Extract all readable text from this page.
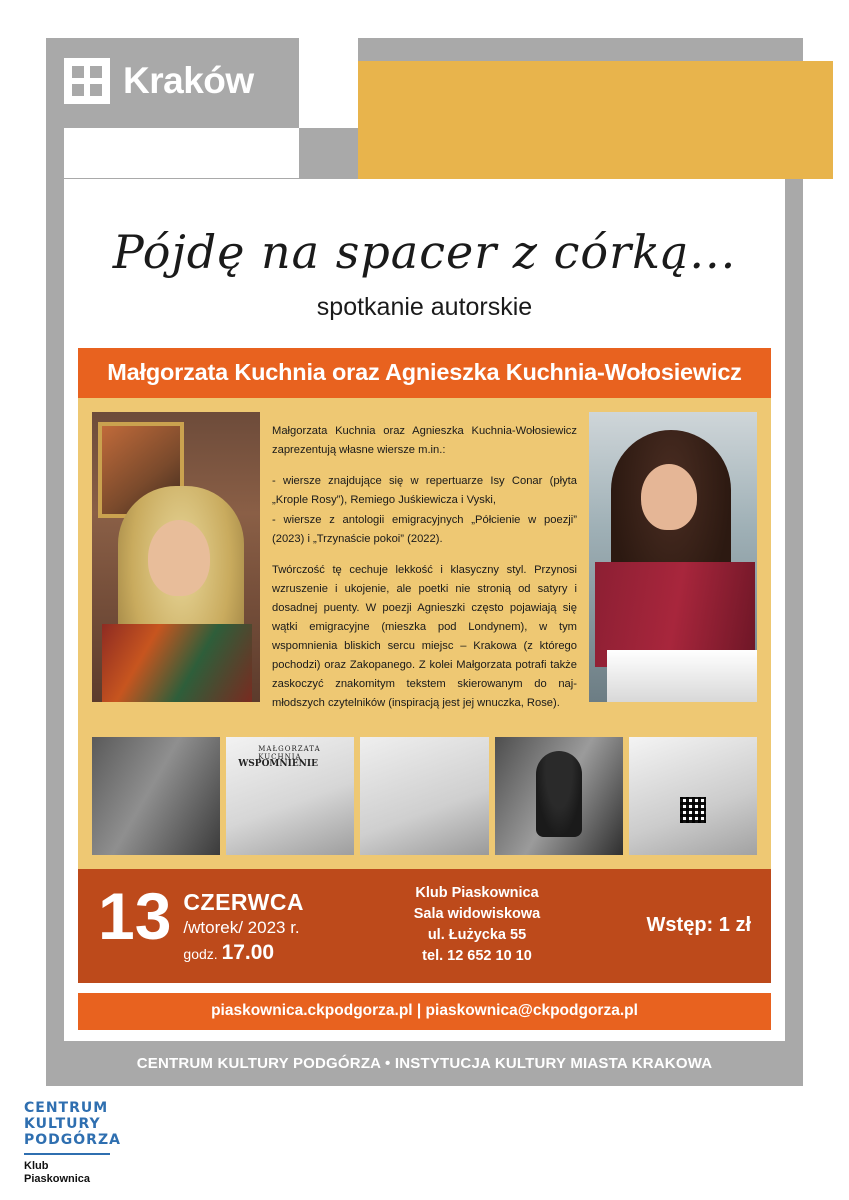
Kraków
Pójdę na spacer z córką...
spotkanie autorskie
Małgorzata Kuchnia oraz Agnieszka Kuchnia-Wołosiewicz

Małgorzata Kuchnia oraz Agnieszka Kuchnia-Wołosiewicz zaprezentują własne wiersze m.in.:

- wiersze znajdujące się w repertuarze Isy Conar (płyta „Krople Rosy”), Remiego Juśkiewicza i Vyski,
- wiersze z antologii emigracyjnych „Półcienie w poezji” (2023) i „Trzynaście pokoi” (2022).

Twórczość tę cechuje lekkość i klasyczny styl. Przynosi wzruszenie i ukojenie, ale poetki nie stronią od satyry i dosadnej puenty. W poezji Agnieszki często pojawiają się wątki emigracyjne (mieszka pod Londynem), w tym wspomnienia bliskich sercu miejsc – Krakowa (z którego pochodzi) oraz Zakopanego. Z kolei Małgorzata potrafi także zaskoczyć znakomitym tekstem skierowanym do naj-młodszych czytelników (inspiracją jest jej wnuczka, Rose).

MAŁGORZATA KUCHNIA
WSPOMNIENIE
13 CZERWCA
/wtorek/ 2023 r.
godz. 17.00
Klub Piaskownica
Sala widowiskowa
ul. Łużycka 55
tel. 12 652 10 10
Wstęp: 1 zł
piaskownica.ckpodgorza.pl | piaskownica@ckpodgorza.pl
CENTRUM KULTURY PODGÓRZA • INSTYTUCJA KULTURY MIASTA KRAKOWA
CENTRUM
KULTURY
PODGÓRZA
Klub
Piaskownica
